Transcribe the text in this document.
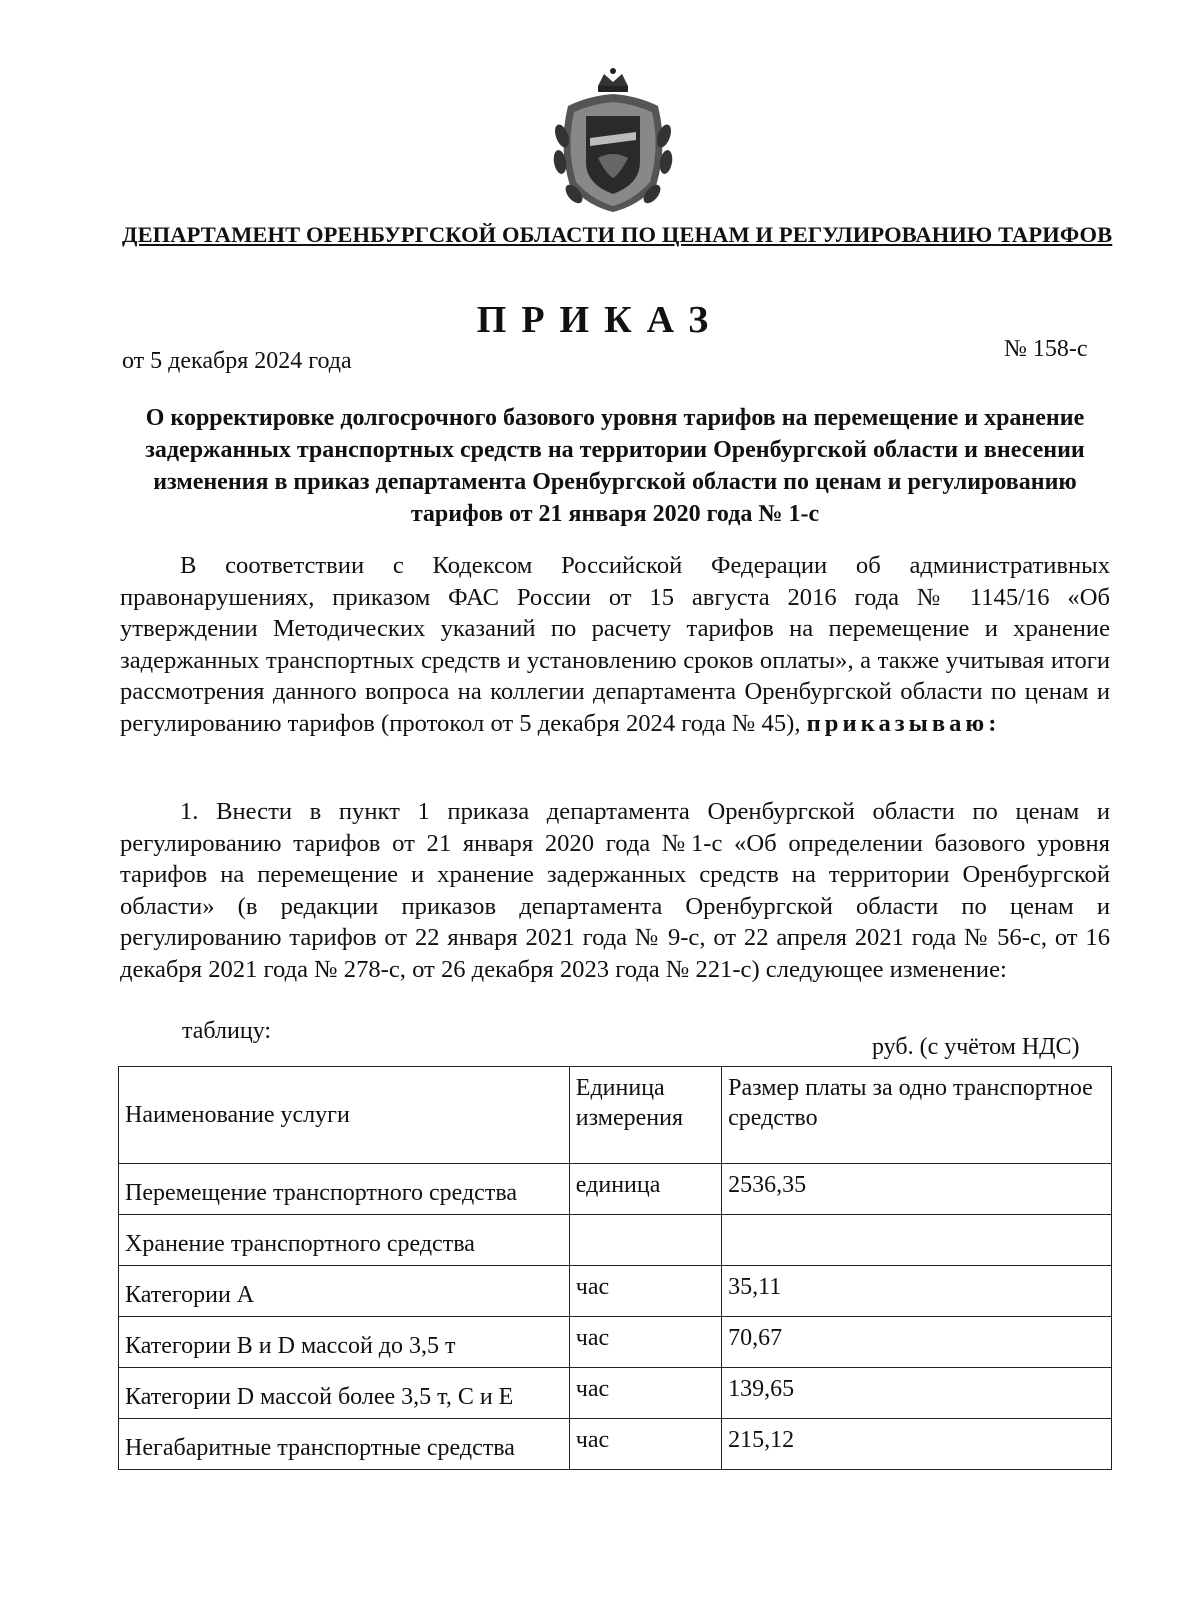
ДЕПАРТАМЕНТ ОРЕНБУРГСКОЙ ОБЛАСТИ ПО ЦЕНАМ И РЕГУЛИРОВАНИЮ ТАРИФОВ
ПРИКАЗ
от 5 декабря 2024 года	№ 158-с
О корректировке долгосрочного базового уровня тарифов на перемещение и хранение задержанных транспортных средств на территории Оренбургской области и внесении изменения в приказ департамента Оренбургской области по ценам и регулированию тарифов от 21 января 2020 года № 1-с
В соответствии с Кодексом Российской Федерации об административных правонарушениях, приказом ФАС России от 15 августа 2016 года № 1145/16 «Об утверждении Методических указаний по расчету тарифов на перемещение и хранение задержанных транспортных средств и установлению сроков оплаты», а также учитывая итоги рассмотрения данного вопроса на коллегии департамента Оренбургской области по ценам и регулированию тарифов (протокол от 5 декабря 2024 года № 45), приказываю:
1. Внести в пункт 1 приказа департамента Оренбургской области по ценам и регулированию тарифов от 21 января 2020 года №1-с «Об определении базового уровня тарифов на перемещение и хранение задержанных средств на территории Оренбургской области» (в редакции приказов департамента Оренбургской области по ценам и регулированию тарифов от 22 января 2021 года № 9-с, от 22 апреля 2021 года № 56-с, от 16 декабря 2021 года № 278-с, от 26 декабря 2023 года № 221-с) следующее изменение:
таблицу:
руб. (с учётом НДС)
Наименование услуги	Единица измерения	Размер платы за одно транспортное средство
Перемещение транспортного средства	единица	2536,35
Хранение транспортного средства		
Категории А	час	35,11
Категории В и D массой до 3,5 т	час	70,67
Категории D массой более 3,5 т, С и Е	час	139,65
Негабаритные транспортные средства	час	215,12
